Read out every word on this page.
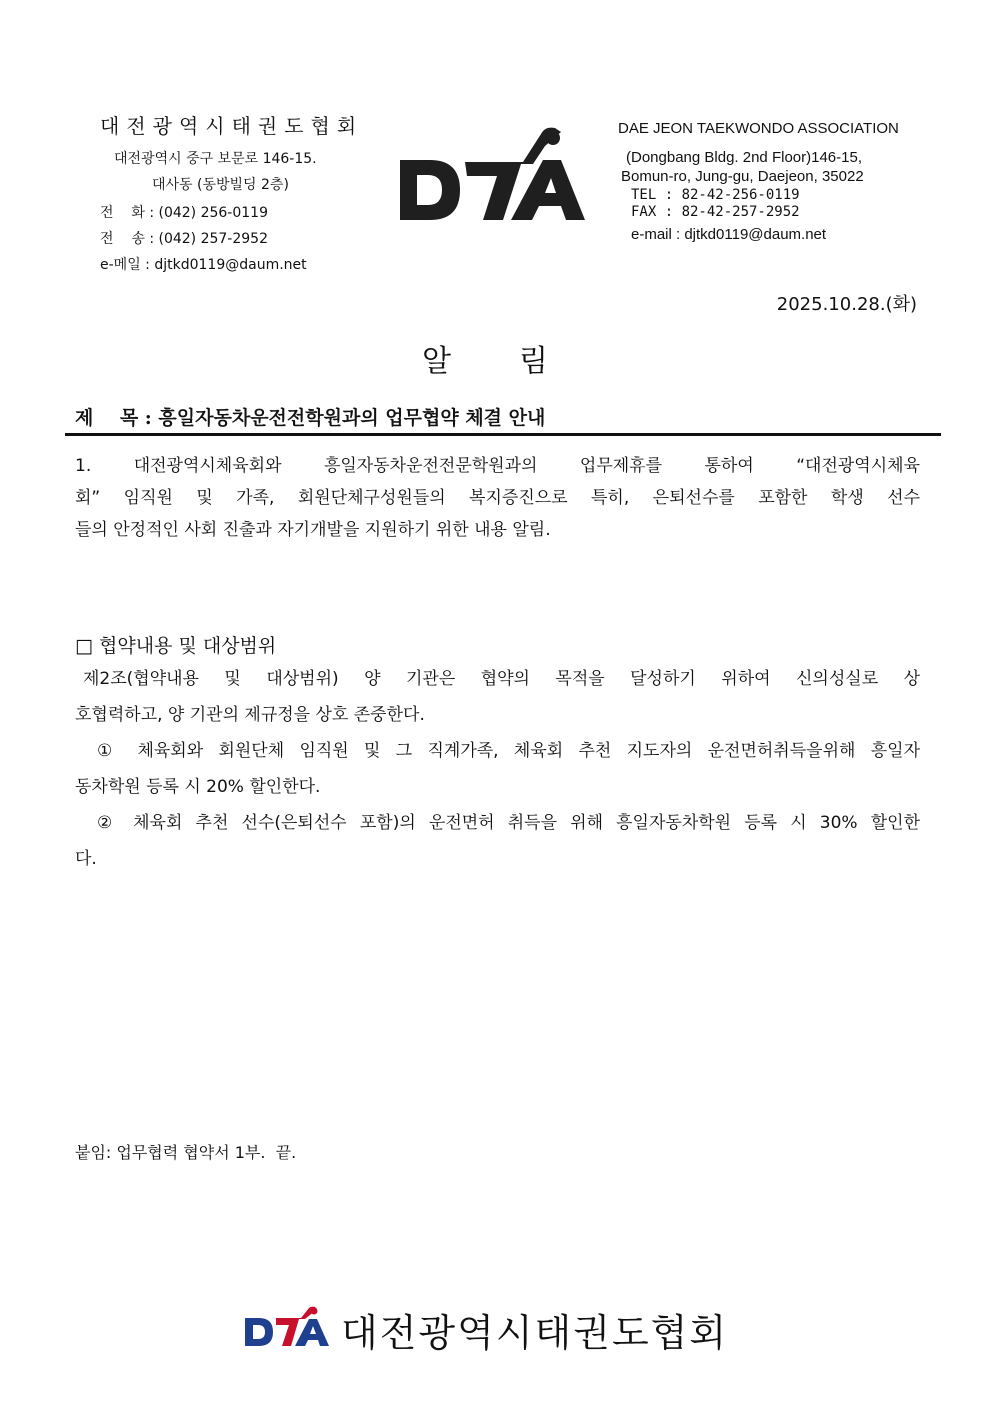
대전광역시태권도협회
대전광역시 중구 보문로 146-15.
대사동 (동방빌딩 2층)
전    화 : (042) 256-0119
전    송 : (042) 257-2952
e-메일 : djtkd0119@daum.net
DAE JEON TAEKWONDO ASSOCIATION
(Dongbang Bldg. 2nd Floor)146-15,
Bomun-ro, Jung-gu, Daejeon, 35022
TEL : 82-42-256-0119
FAX : 82-42-257-2952
e-mail : djtkd0119@daum.net
2025.10.28.(화)
알림
제    목 : 흥일자동차운전전학원과의 업무협약 체결 안내
1. 대전광역시체육회와 흥일자동차운전전문학원과의 업무제휴를 통하여 “대전광역시체육
회” 임직원 및 가족, 회원단체구성원들의 복지증진으로 특히, 은퇴선수를 포함한 학생 선수
들의 안정적인 사회 진출과 자기개발을 지원하기 위한 내용 알림.
□ 협약내용 및 대상범위
제2조(협약내용 및 대상범위) 양 기관은 협약의 목적을 달성하기 위하여 신의성실로 상
호협력하고, 양 기관의 제규정을 상호 존중한다.
① 체육회와 회원단체 임직원 및 그 직계가족, 체육회 추천 지도자의 운전면허취득을위해 흥일자
동차학원 등록 시 20% 할인한다.
② 체육회 추천 선수(은퇴선수 포함)의 운전면허 취득을 위해 흥일자동차학원 등록 시 30% 할인한
다.
붙임: 업무협력 협약서 1부.  끝.
대전광역시태권도협회
